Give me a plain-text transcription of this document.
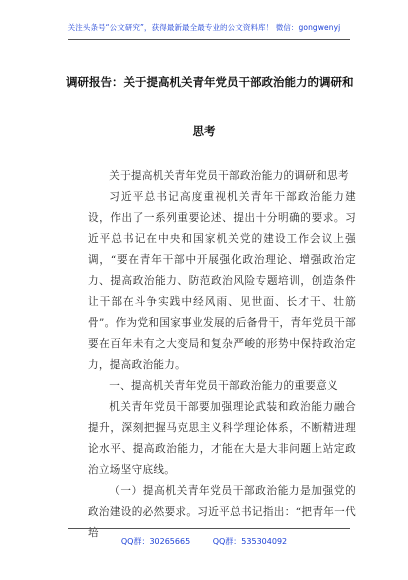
关注头条号“公文研究”，获得最新最全最专业的公文资料库！ 微信：gongwenyj
调研报告：关于提高机关青年党员干部政治能力的调研和
思考

关于提高机关青年党员干部政治能力的调研和思考

习近平总书记高度重视机关青年干部政治能力建设，作出了一系列重要论述、提出十分明确的要求。习近平总书记在中央和国家机关党的建设工作会议上强调，“要在青年干部中开展强化政治理论、增强政治定力、提高政治能力、防范政治风险专题培训，创造条件让干部在斗争实践中经风雨、见世面、长才干、壮筋骨”。作为党和国家事业发展的后备骨干，青年党员干部要在百年未有之大变局和复杂严峻的形势中保持政治定力，提高政治能力。

一、提高机关青年党员干部政治能力的重要意义

机关青年党员干部要加强理论武装和政治能力融合提升，深刻把握马克思主义科学理论体系，不断精进理论水平、提高政治能力，才能在大是大非问题上站定政治立场坚守底线。

（一）提高机关青年党员干部政治能力是加强党的政治建设的必然要求。习近平总书记指出：“把青年一代培

QQ群：30265665	QQ群：535304092
